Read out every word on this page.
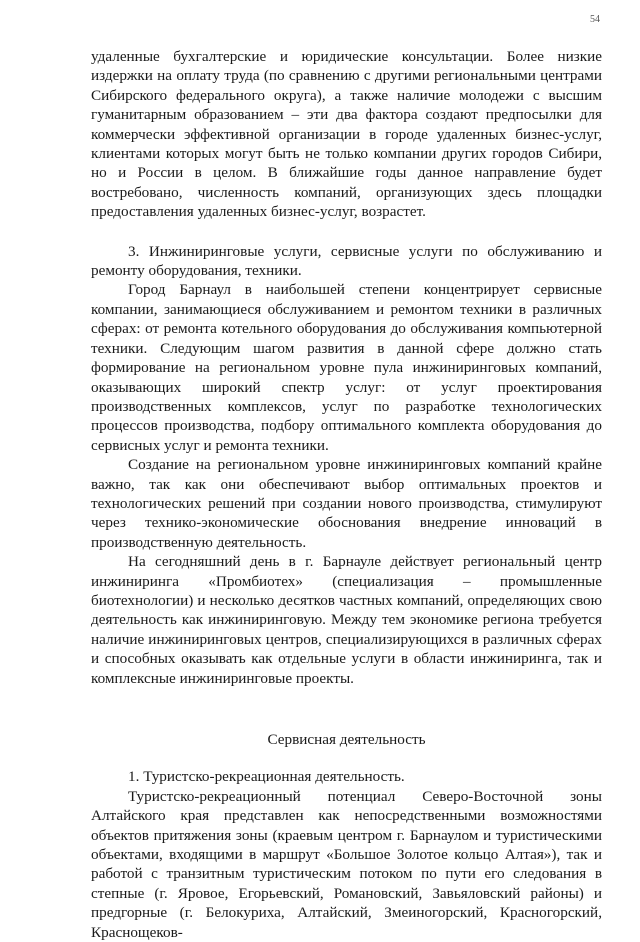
54

удаленные бухгалтерские и юридические консультации. Более низкие издержки на оплату труда (по сравнению с другими региональными центрами Сибирского федерального округа), а также наличие молодежи с высшим гуманитарным образованием – эти два фактора создают предпосылки для коммерчески эффективной организации в городе удаленных бизнес-услуг, клиентами которых могут быть не только компании других городов Сибири, но и России в целом. В ближайшие годы данное направление будет востребовано, численность компаний, организующих здесь площадки предоставления удаленных бизнес-услуг, возрастет.

3. Инжиниринговые услуги, сервисные услуги по обслуживанию и ремонту оборудования, техники.

Город Барнаул в наибольшей степени концентрирует сервисные компании, занимающиеся обслуживанием и ремонтом техники в различных сферах: от ремонта котельного оборудования до обслуживания компьютерной техники. Следующим шагом развития в данной сфере должно стать формирование на региональном уровне пула инжиниринговых компаний, оказывающих широкий спектр услуг: от услуг проектирования производственных комплексов, услуг по разработке технологических процессов производства, подбору оптимального комплекта оборудования до сервисных услуг и ремонта техники.

Создание на региональном уровне инжиниринговых компаний крайне важно, так как они обеспечивают выбор оптимальных проектов и технологических решений при создании нового производства, стимулируют через технико-экономические обоснования внедрение инноваций в производственную деятельность.

На сегодняшний день в г. Барнауле действует региональный центр инжиниринга «Промбиотех» (специализация – промышленные биотехнологии) и несколько десятков частных компаний, определяющих свою деятельность как инжиниринговую. Между тем экономике региона требуется наличие инжиниринговых центров, специализирующихся в различных сферах и способных оказывать как отдельные услуги в области инжиниринга, так и комплексные инжиниринговые проекты.

Сервисная деятельность

1. Туристско-рекреационная деятельность.

Туристско-рекреационный потенциал Северо-Восточной зоны Алтайского края представлен как непосредственными возможностями объектов притяжения зоны (краевым центром г. Барнаулом и туристическими объектами, входящими в маршрут «Большое Золотое кольцо Алтая»), так и работой с транзитным туристическим потоком по пути его следования в степные (г. Яровое, Егорьевский, Романовский, Завьяловский районы) и предгорные (г. Белокуриха, Алтайский, Змеиногорский, Красногорский, Краснощеков-
